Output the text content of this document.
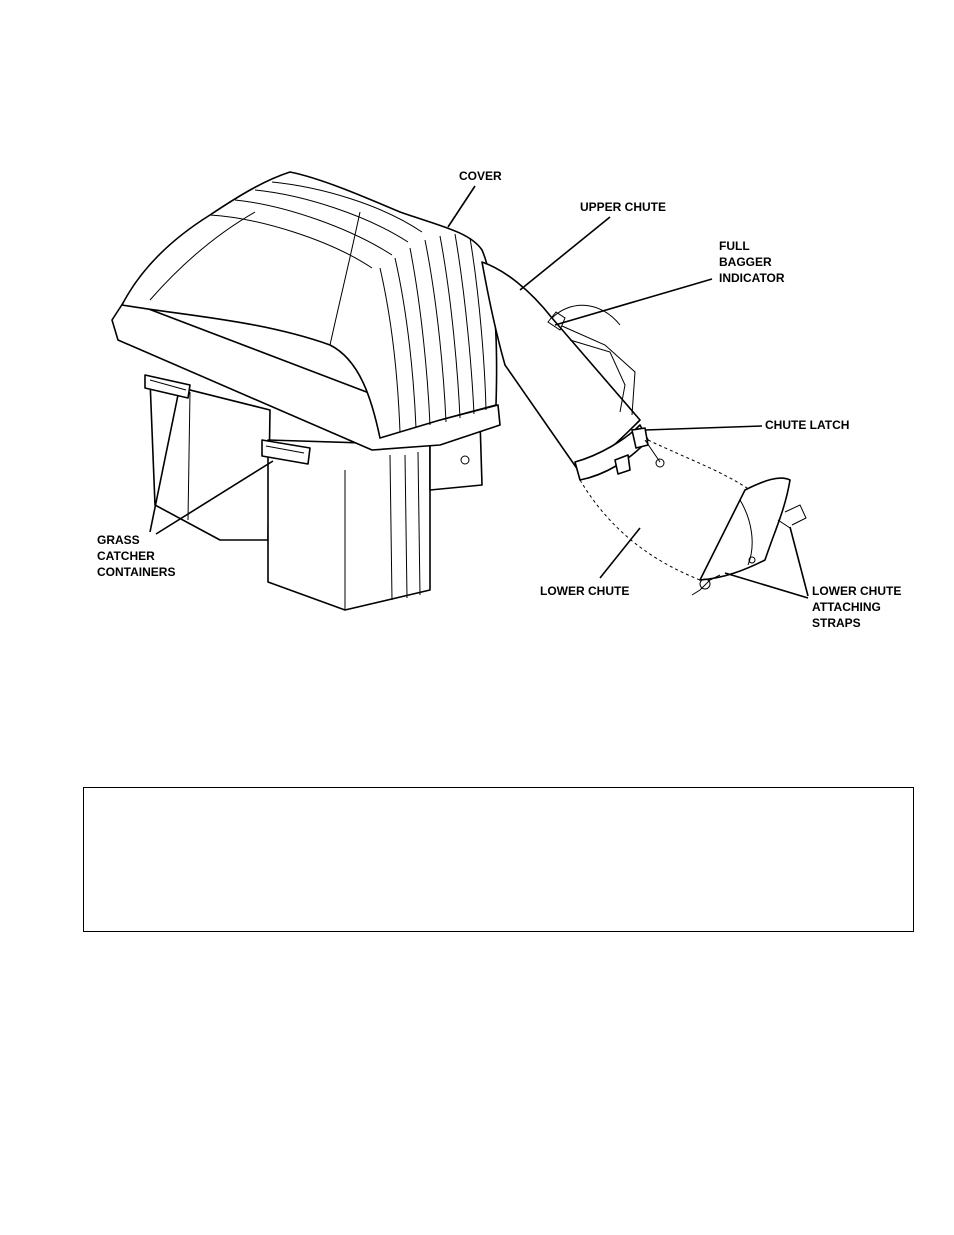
COVER
UPPER CHUTE
FULL
BAGGER
INDICATOR
CHUTE LATCH
GRASS
CATCHER
CONTAINERS
LOWER CHUTE	LOWER CHUTE
ATTACHING
STRAPS
